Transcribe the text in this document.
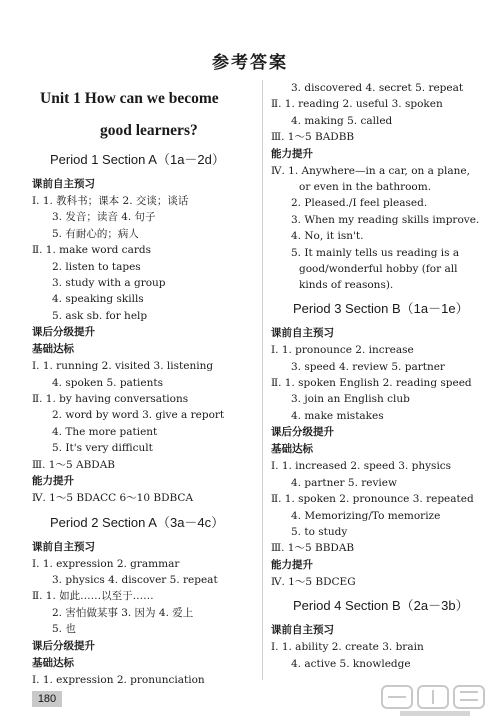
参考答案
Unit 1 How can we become
good learners?
Period 1 Section A（1a－2d）
课前自主预习
Ⅰ. 1. 教科书；课本 2. 交谈；谈话
3. 发音；读音 4. 句子
5. 有耐心的；病人
Ⅱ. 1. make word cards
2. listen to tapes
3. study with a group
4. speaking skills
5. ask sb. for help
课后分级提升
基础达标
Ⅰ. 1. running 2. visited 3. listening
4. spoken 5. patients
Ⅱ. 1. by having conversations
2. word by word 3. give a report
4. The more patient
5. It's very difficult
Ⅲ. 1～5 ABDAB
能力提升
Ⅳ. 1～5 BDACC 6～10 BDBCA
Period 2 Section A（3a－4c）
课前自主预习
Ⅰ. 1. expression 2. grammar
3. physics 4. discover 5. repeat
Ⅱ. 1. 如此……以至于……
2. 害怕做某事 3. 因为 4. 爱上
5. 也
课后分级提升
基础达标
Ⅰ. 1. expression 2. pronunciation
3. discovered 4. secret 5. repeat
Ⅱ. 1. reading 2. useful 3. spoken
4. making 5. called
Ⅲ. 1～5 BADBB
能力提升
Ⅳ. 1. Anywhere—in a car, on a plane,
or even in the bathroom.
2. Pleased./I feel pleased.
3. When my reading skills improve.
4. No, it isn't.
5. It mainly tells us reading is a good/wonderful hobby (for all kinds of reasons).
Period 3 Section B（1a－1e）
课前自主预习
Ⅰ. 1. pronounce 2. increase
3. speed 4. review 5. partner
Ⅱ. 1. spoken English 2. reading speed
3. join an English club
4. make mistakes
课后分级提升
基础达标
Ⅰ. 1. increased 2. speed 3. physics
4. partner 5. review
Ⅱ. 1. spoken 2. pronounce 3. repeated
4. Memorizing/To memorize
5. to study
Ⅲ. 1～5 BBDAB
能力提升
Ⅳ. 1～5 BDCEG
Period 4 Section B（2a－3b）
课前自主预习
Ⅰ. 1. ability 2. create 3. brain
4. active 5. knowledge
180
